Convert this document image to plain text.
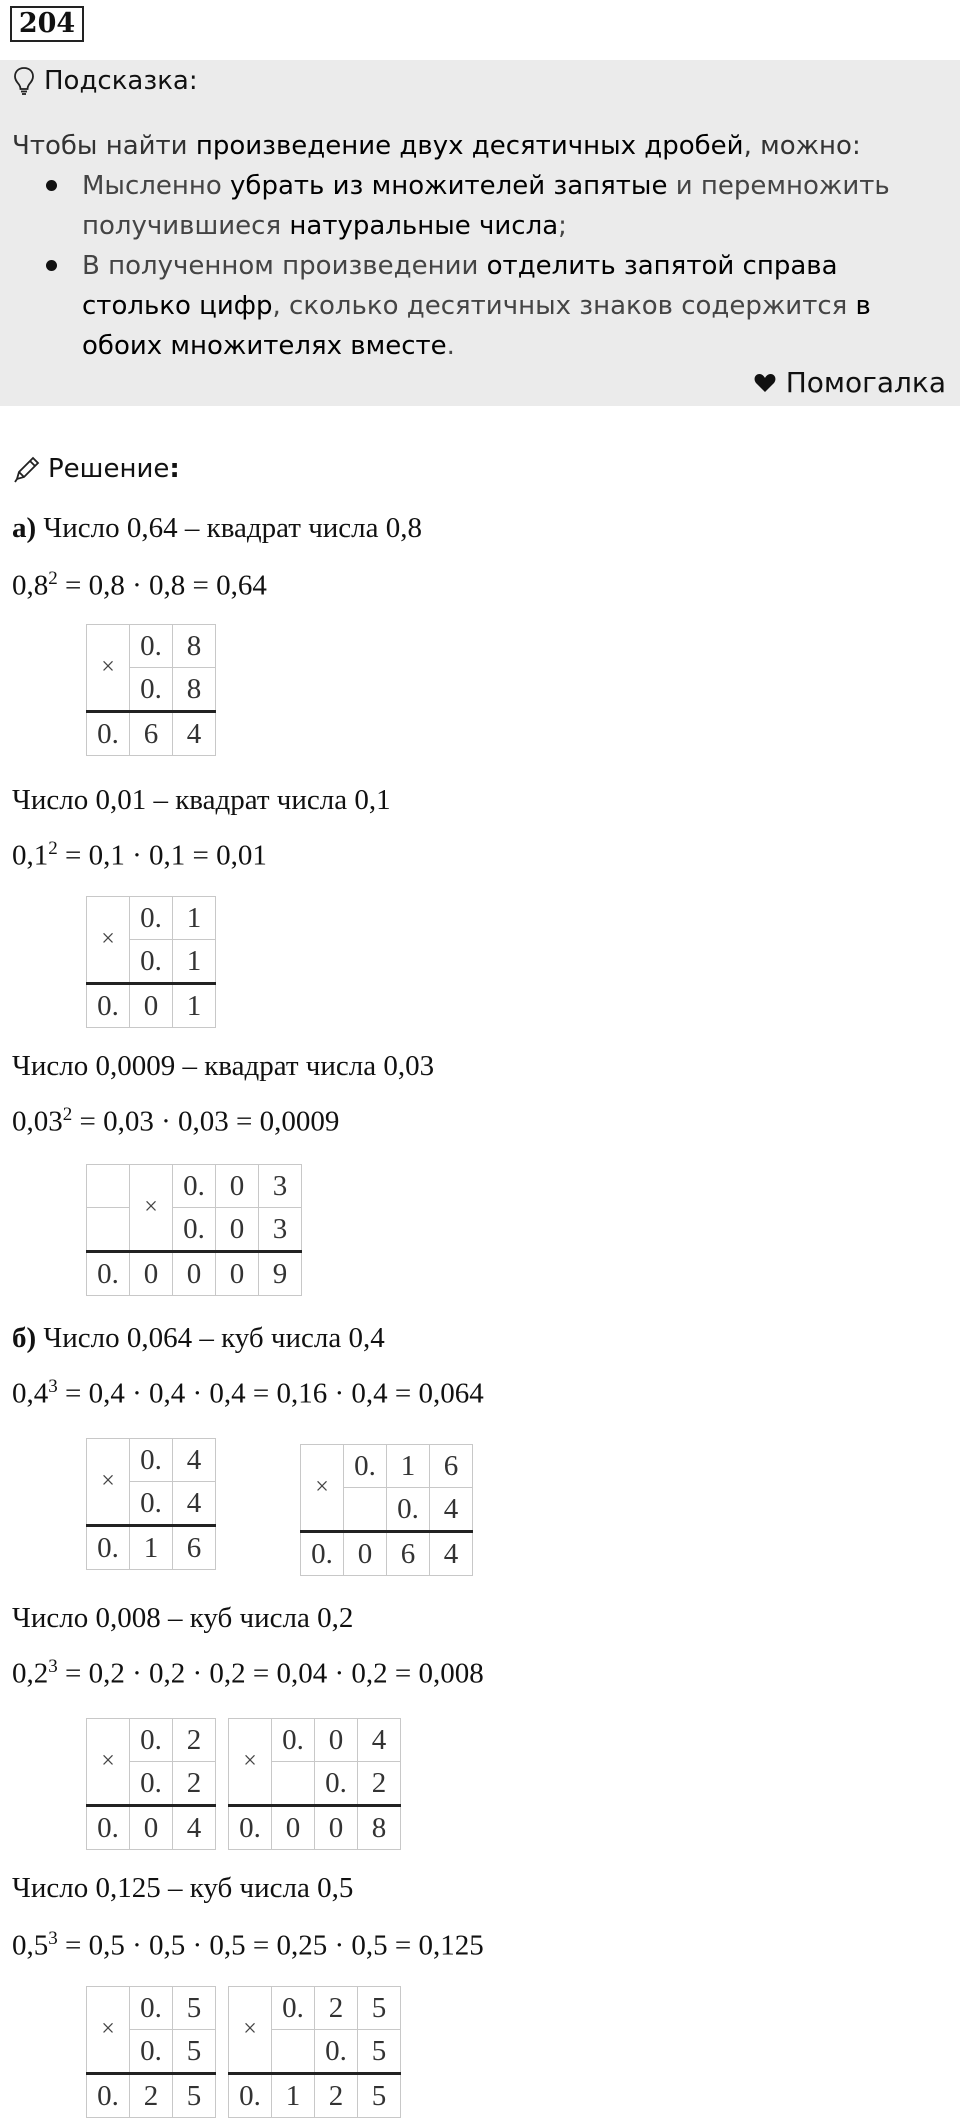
204
Подсказка:
Чтобы найти произведение двух десятичных дробей, можно:
Мысленно убрать из множителей запятые и перемножить получившиеся натуральные числа;
В полученном произведении отделить запятой справа столько цифр, сколько десятичных знаков содержится в обоих множителях вместе.
Помогалка
Решение :
а) Число 0,64 – квадрат числа 0,8
$0,8^2 = 0,8 \cdot 0,8 = 0,64$
×	0.	8
	0.	8
0.	6	4
Число 0,01 – квадрат числа 0,1
$0,1^2 = 0,1 \cdot 0,1 = 0,01$
×	0.	1
	0.	1
0.	0	1
Число 0,0009 – квадрат числа 0,03
$0,03^2 = 0,03 \cdot 0,03 = 0,0009$
	×	0.	0	3
		0.	0	3
0.	0	0	0	9
б) Число 0,064 – куб числа 0,4
$0,4^3 = 0,4 \cdot 0,4 \cdot 0,4 = 0,16 \cdot 0,4 = 0,064$
×	0.	4
	0.	4
0.	1	6
×	0.	1	6
		0.	4
0.	0	6	4
Число 0,008 – куб числа 0,2
$0,2^3 = 0,2 \cdot 0,2 \cdot 0,2 = 0,04 \cdot 0,2 = 0,008$
×	0.	2
	0.	2
0.	0	4
×	0.	0	4
		0.	2
0.	0	0	8
Число 0,125 – куб числа 0,5
$0,5^3 = 0,5 \cdot 0,5 \cdot 0,5 = 0,25 \cdot 0,5 = 0,125$
×	0.	5
	0.	5
0.	2	5
×	0.	2	5
		0.	5
0.	1	2	5
